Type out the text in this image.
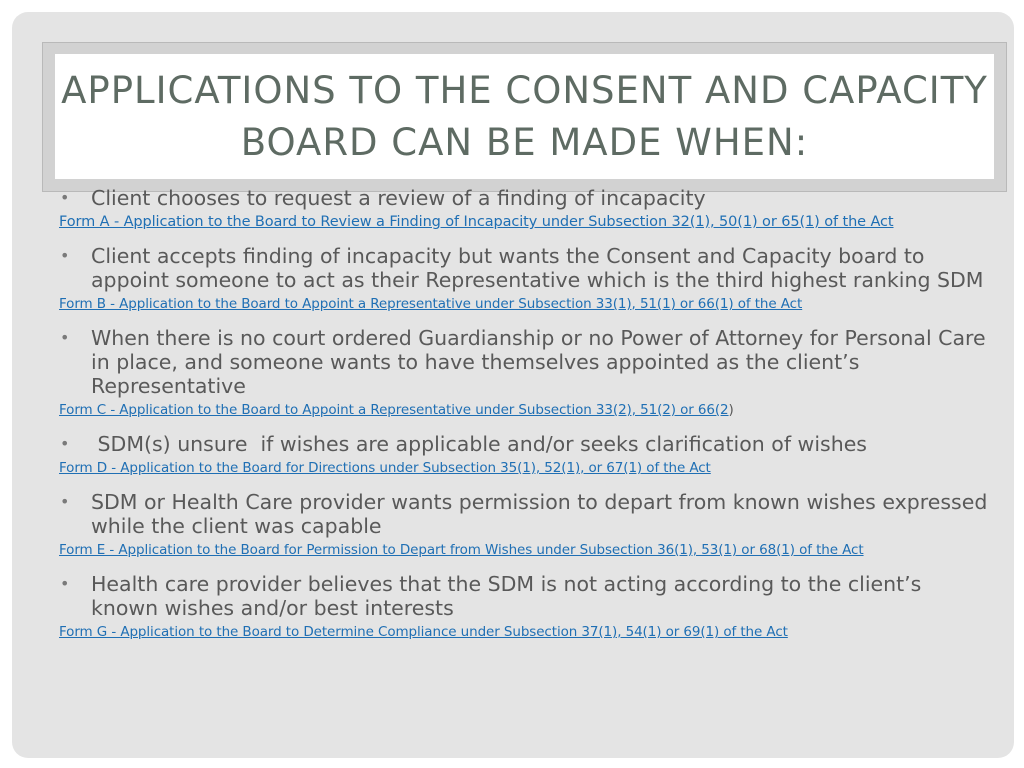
APPLICATIONS TO THE CONSENT AND CAPACITY BOARD CAN BE MADE WHEN:
• Client chooses to request a review of a finding of incapacity
Form A - Application to the Board to Review a Finding of Incapacity under Subsection 32(1), 50(1) or 65(1) of the Act
• Client accepts finding of incapacity but wants the Consent and Capacity board to appoint someone to act as their Representative which is the third highest ranking SDM
Form B - Application to the Board to Appoint a Representative under Subsection 33(1), 51(1) or 66(1) of the Act
• When there is no court ordered Guardianship or no Power of Attorney for Personal Care in place, and someone wants to have themselves appointed as the client’s Representative
Form C - Application to the Board to Appoint a Representative under Subsection 33(2), 51(2) or 66(2)
• SDM(s) unsure  if wishes are applicable and/or seeks clarification of wishes
Form D - Application to the Board for Directions under Subsection 35(1), 52(1), or 67(1) of the Act
• SDM or Health Care provider wants permission to depart from known wishes expressed while the client was capable
Form E - Application to the Board for Permission to Depart from Wishes under Subsection 36(1), 53(1) or 68(1) of the Act
• Health care provider believes that the SDM is not acting according to the client’s known wishes and/or best interests
Form G - Application to the Board to Determine Compliance under Subsection 37(1), 54(1) or 69(1) of the Act
